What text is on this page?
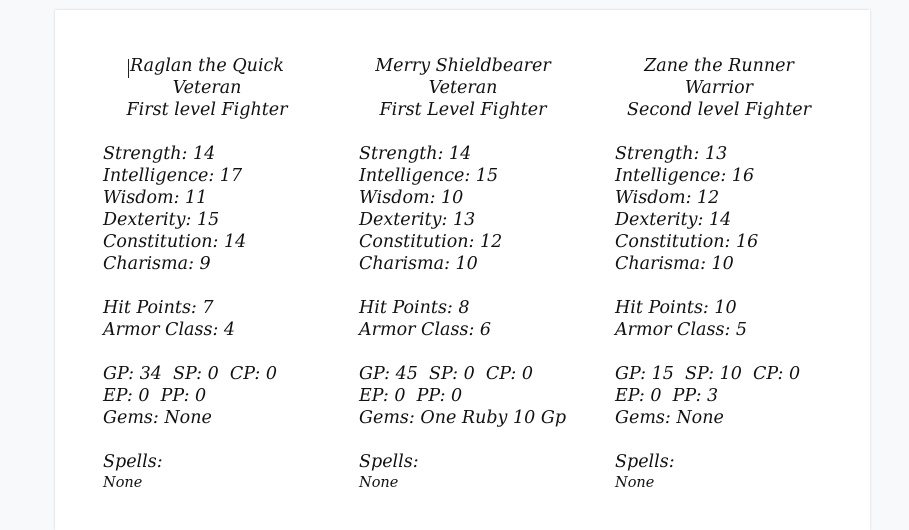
Raglan the Quick
Veteran
First level Fighter
Strength: 14
Intelligence: 17
Wisdom: 11
Dexterity: 15
Constitution: 14
Charisma: 9
Hit Points: 7
Armor Class: 4
GP: 34  SP: 0  CP: 0
EP: 0  PP: 0
Gems: None
Spells:
None
Merry Shieldbearer
Veteran
First Level Fighter
Strength: 14
Intelligence: 15
Wisdom: 10
Dexterity: 13
Constitution: 12
Charisma: 10
Hit Points: 8
Armor Class: 6
GP: 45  SP: 0  CP: 0
EP: 0  PP: 0
Gems: One Ruby 10 Gp
Spells:
None
Zane the Runner
Warrior
Second level Fighter
Strength: 13
Intelligence: 16
Wisdom: 12
Dexterity: 14
Constitution: 16
Charisma: 10
Hit Points: 10
Armor Class: 5
GP: 15  SP: 10  CP: 0
EP: 0  PP: 3
Gems: None
Spells:
None
